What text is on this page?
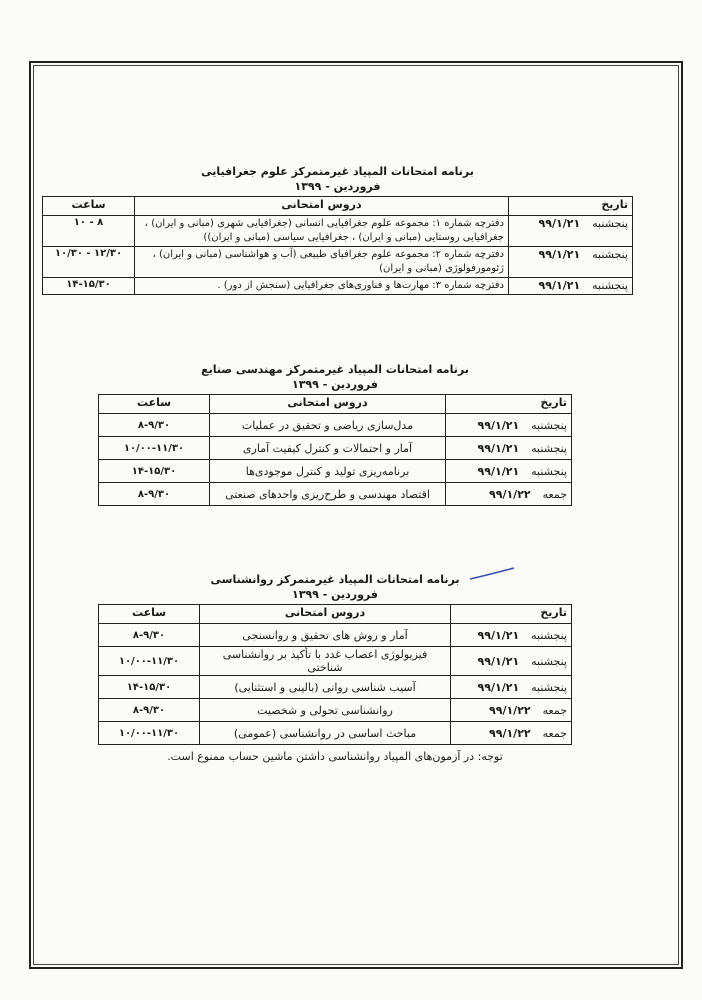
برنامه امتحانات المپیاد غیرمتمرکز علوم جغرافیایی
فروردین - ۱۳۹۹
تاریخ	دروس امتحانی	ساعت
پنجشنبه۹۹/۱/۲۱	دفترچه شماره ۱: مجموعه علوم جغرافیایی انسانی (جغرافیایی شهری (مبانی و ایران) ، جغرافیایی روستایی (مبانی و ایران) ، جغرافیایی سیاسی (مبانی و ایران))	۱۰ - ۸
پنجشنبه۹۹/۱/۲۱	دفترچه شماره ۲: مجموعه علوم جغرافیای طبیعی (آب و هواشناسی (مبانی و ایران) ، ژئومورفولوژی (مبانی و ایران)	۱۰/۳۰ - ۱۲/۳۰
پنجشنبه۹۹/۱/۲۱	دفترچه شماره ۳: مهارت‌ها و فناوری‌های جغرافیایی (سنجش از دور) .	۱۴-۱۵/۳۰
برنامه امتحانات المپیاد غیرمتمرکز مهندسی صنایع
فروردین - ۱۳۹۹
تاریخ	دروس امتحانی	ساعت
پنجشنبه۹۹/۱/۲۱	مدل‌سازی ریاضی و تحقیق در عملیات	۸-۹/۳۰
پنجشنبه۹۹/۱/۲۱	آمار و احتمالات و کنترل کیفیت آماری	۱۰/۰۰-۱۱/۳۰
پنجشنبه۹۹/۱/۲۱	برنامه‌ریزی تولید و کنترل موجودی‌ها	۱۴-۱۵/۳۰
جمعه۹۹/۱/۲۲	اقتصاد مهندسی و طرح‌ریزی واحدهای صنعتی	۸-۹/۳۰
برنامه امتحانات المپیاد غیرمتمرکز روانشناسی
فروردین - ۱۳۹۹
تاریخ	دروس امتحانی	ساعت
پنجشنبه۹۹/۱/۲۱	آمار و روش های تحقیق و روانسنجی	۸-۹/۳۰
پنجشنبه۹۹/۱/۲۱	فیزیولوژی اعصاب غدد با تأکید بر روانشناسی شناختی	۱۰/۰۰-۱۱/۳۰
پنجشنبه۹۹/۱/۲۱	آسیب شناسی روانی (بالینی و استثنایی)	۱۴-۱۵/۳۰
جمعه۹۹/۱/۲۲	روانشناسی تحولی و شخصیت	۸-۹/۳۰
جمعه۹۹/۱/۲۲	مباحث اساسی در روانشناسی (عمومی)	۱۰/۰۰-۱۱/۳۰
توجه: در آزمون‌های المپیاد روانشناسی داشتن ماشین حساب ممنوع است.
